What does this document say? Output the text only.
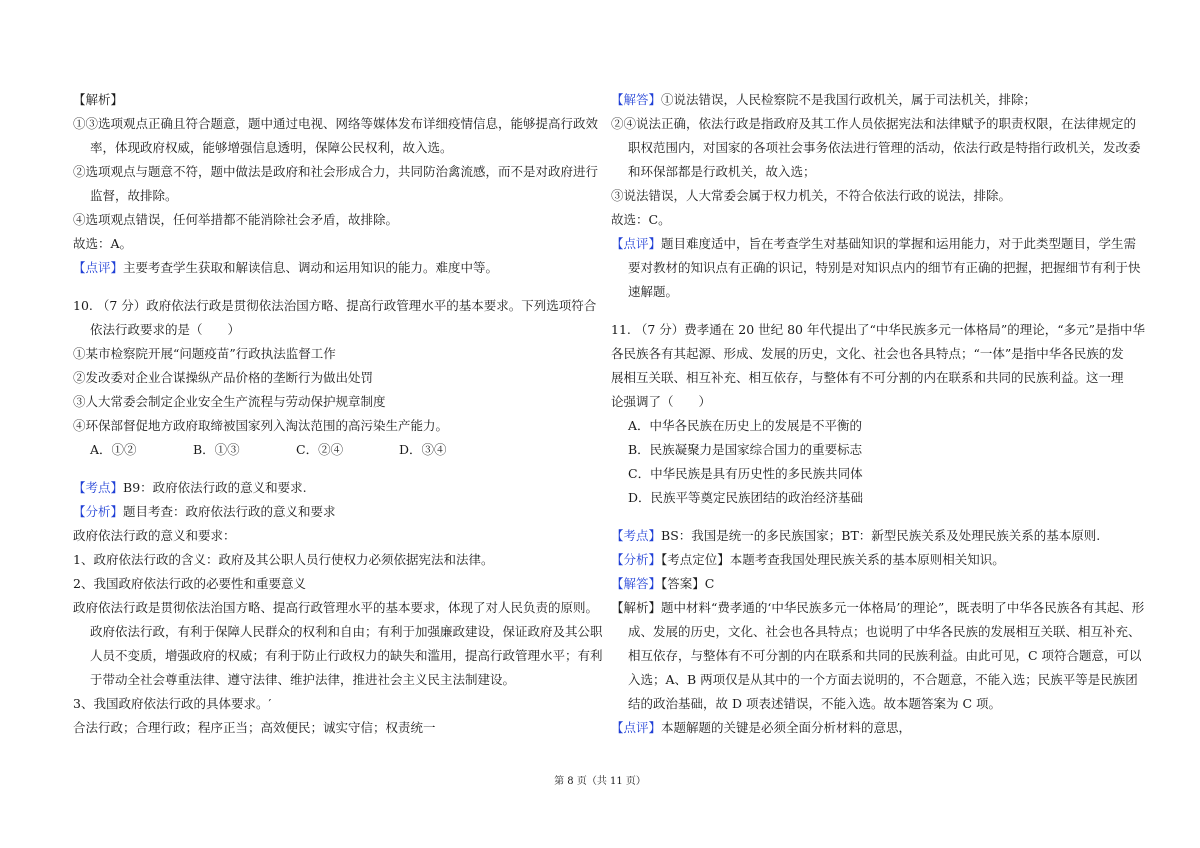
【解析】
①③选项观点正确且符合题意，题中通过电视、网络等媒体发布详细疫情信息，能够提高行政效
率，体现政府权威，能够增强信息透明，保障公民权利，故入选。
②选项观点与题意不符，题中做法是政府和社会形成合力，共同防治禽流感，而不是对政府进行
监督，故排除。
④选项观点错误，任何举措都不能消除社会矛盾，故排除。
故选：A。
【点评】主要考查学生获取和解读信息、调动和运用知识的能力。难度中等。
10. （7 分）政府依法行政是贯彻依法治国方略、提高行政管理水平的基本要求。下列选项符合
依法行政要求的是（　　）
①某市检察院开展“问题疫苗”行政执法监督工作
②发改委对企业合谋操纵产品价格的垄断行为做出处罚
③人大常委会制定企业安全生产流程与劳动保护规章制度
④环保部督促地方政府取缔被国家列入淘汰范围的高污染生产能力。
A．①②	B．①③	C．②④	D．③④
【考点】B9：政府依法行政的意义和要求.
【分析】题目考查：政府依法行政的意义和要求
政府依法行政的意义和要求：
1、政府依法行政的含义：政府及其公职人员行使权力必须依据宪法和法律。
2、我国政府依法行政的必要性和重要意义
政府依法行政是贯彻依法治国方略、提高行政管理水平的基本要求，体现了对人民负责的原则。
政府依法行政，有利于保障人民群众的权利和自由；有利于加强廉政建设，保证政府及其公职
人员不变质，增强政府的权威；有利于防止行政权力的缺失和滥用，提高行政管理水平；有利
于带动全社会尊重法律、遵守法律、维护法律，推进社会主义民主法制建设。
3、我国政府依法行政的具体要求。′
合法行政；合理行政；程序正当；高效便民；诚实守信；权责统一
【解答】①说法错误，人民检察院不是我国行政机关，属于司法机关，排除；
②④说法正确，依法行政是指政府及其工作人员依据宪法和法律赋予的职责权限，在法律规定的
职权范围内，对国家的各项社会事务依法进行管理的活动，依法行政是特指行政机关，发改委
和环保部都是行政机关，故入选；
③说法错误，人大常委会属于权力机关，不符合依法行政的说法，排除。
故选：C。
【点评】题目难度适中，旨在考查学生对基础知识的掌握和运用能力，对于此类型题目，学生需
要对教材的知识点有正确的识记，特别是对知识点内的细节有正确的把握，把握细节有利于快
速解题。
11. （7 分）费孝通在 20 世纪 80 年代提出了“中华民族多元一体格局”的理论，“多元”是指中华
各民族各有其起源、形成、发展的历史，文化、社会也各具特点；“一体”是指中华各民族的发
展相互关联、相互补充、相互依存，与整体有不可分割的内在联系和共同的民族利益。这一理
论强调了（　　）
A．中华各民族在历史上的发展是不平衡的
B．民族凝聚力是国家综合国力的重要标志
C．中华民族是具有历史性的多民族共同体
D．民族平等奠定民族团结的政治经济基础
【考点】BS：我国是统一的多民族国家；BT：新型民族关系及处理民族关系的基本原则.
【分析】【考点定位】本题考查我国处理民族关系的基本原则相关知识。
【解答】【答案】C
【解析】题中材料“费孝通的‘中华民族多元一体格局’的理论”，既表明了中华各民族各有其起、形
成、发展的历史，文化、社会也各具特点；也说明了中华各民族的发展相互关联、相互补充、
相互依存，与整体有不可分割的内在联系和共同的民族利益。由此可见，C 项符合题意，可以
入选；A、B 两项仅是从其中的一个方面去说明的，不合题意，不能入选；民族平等是民族团
结的政治基础，故 D 项表述错误，不能入选。故本题答案为 C 项。
【点评】本题解题的关键是必须全面分析材料的意思，
第 8 页（共 11 页）
